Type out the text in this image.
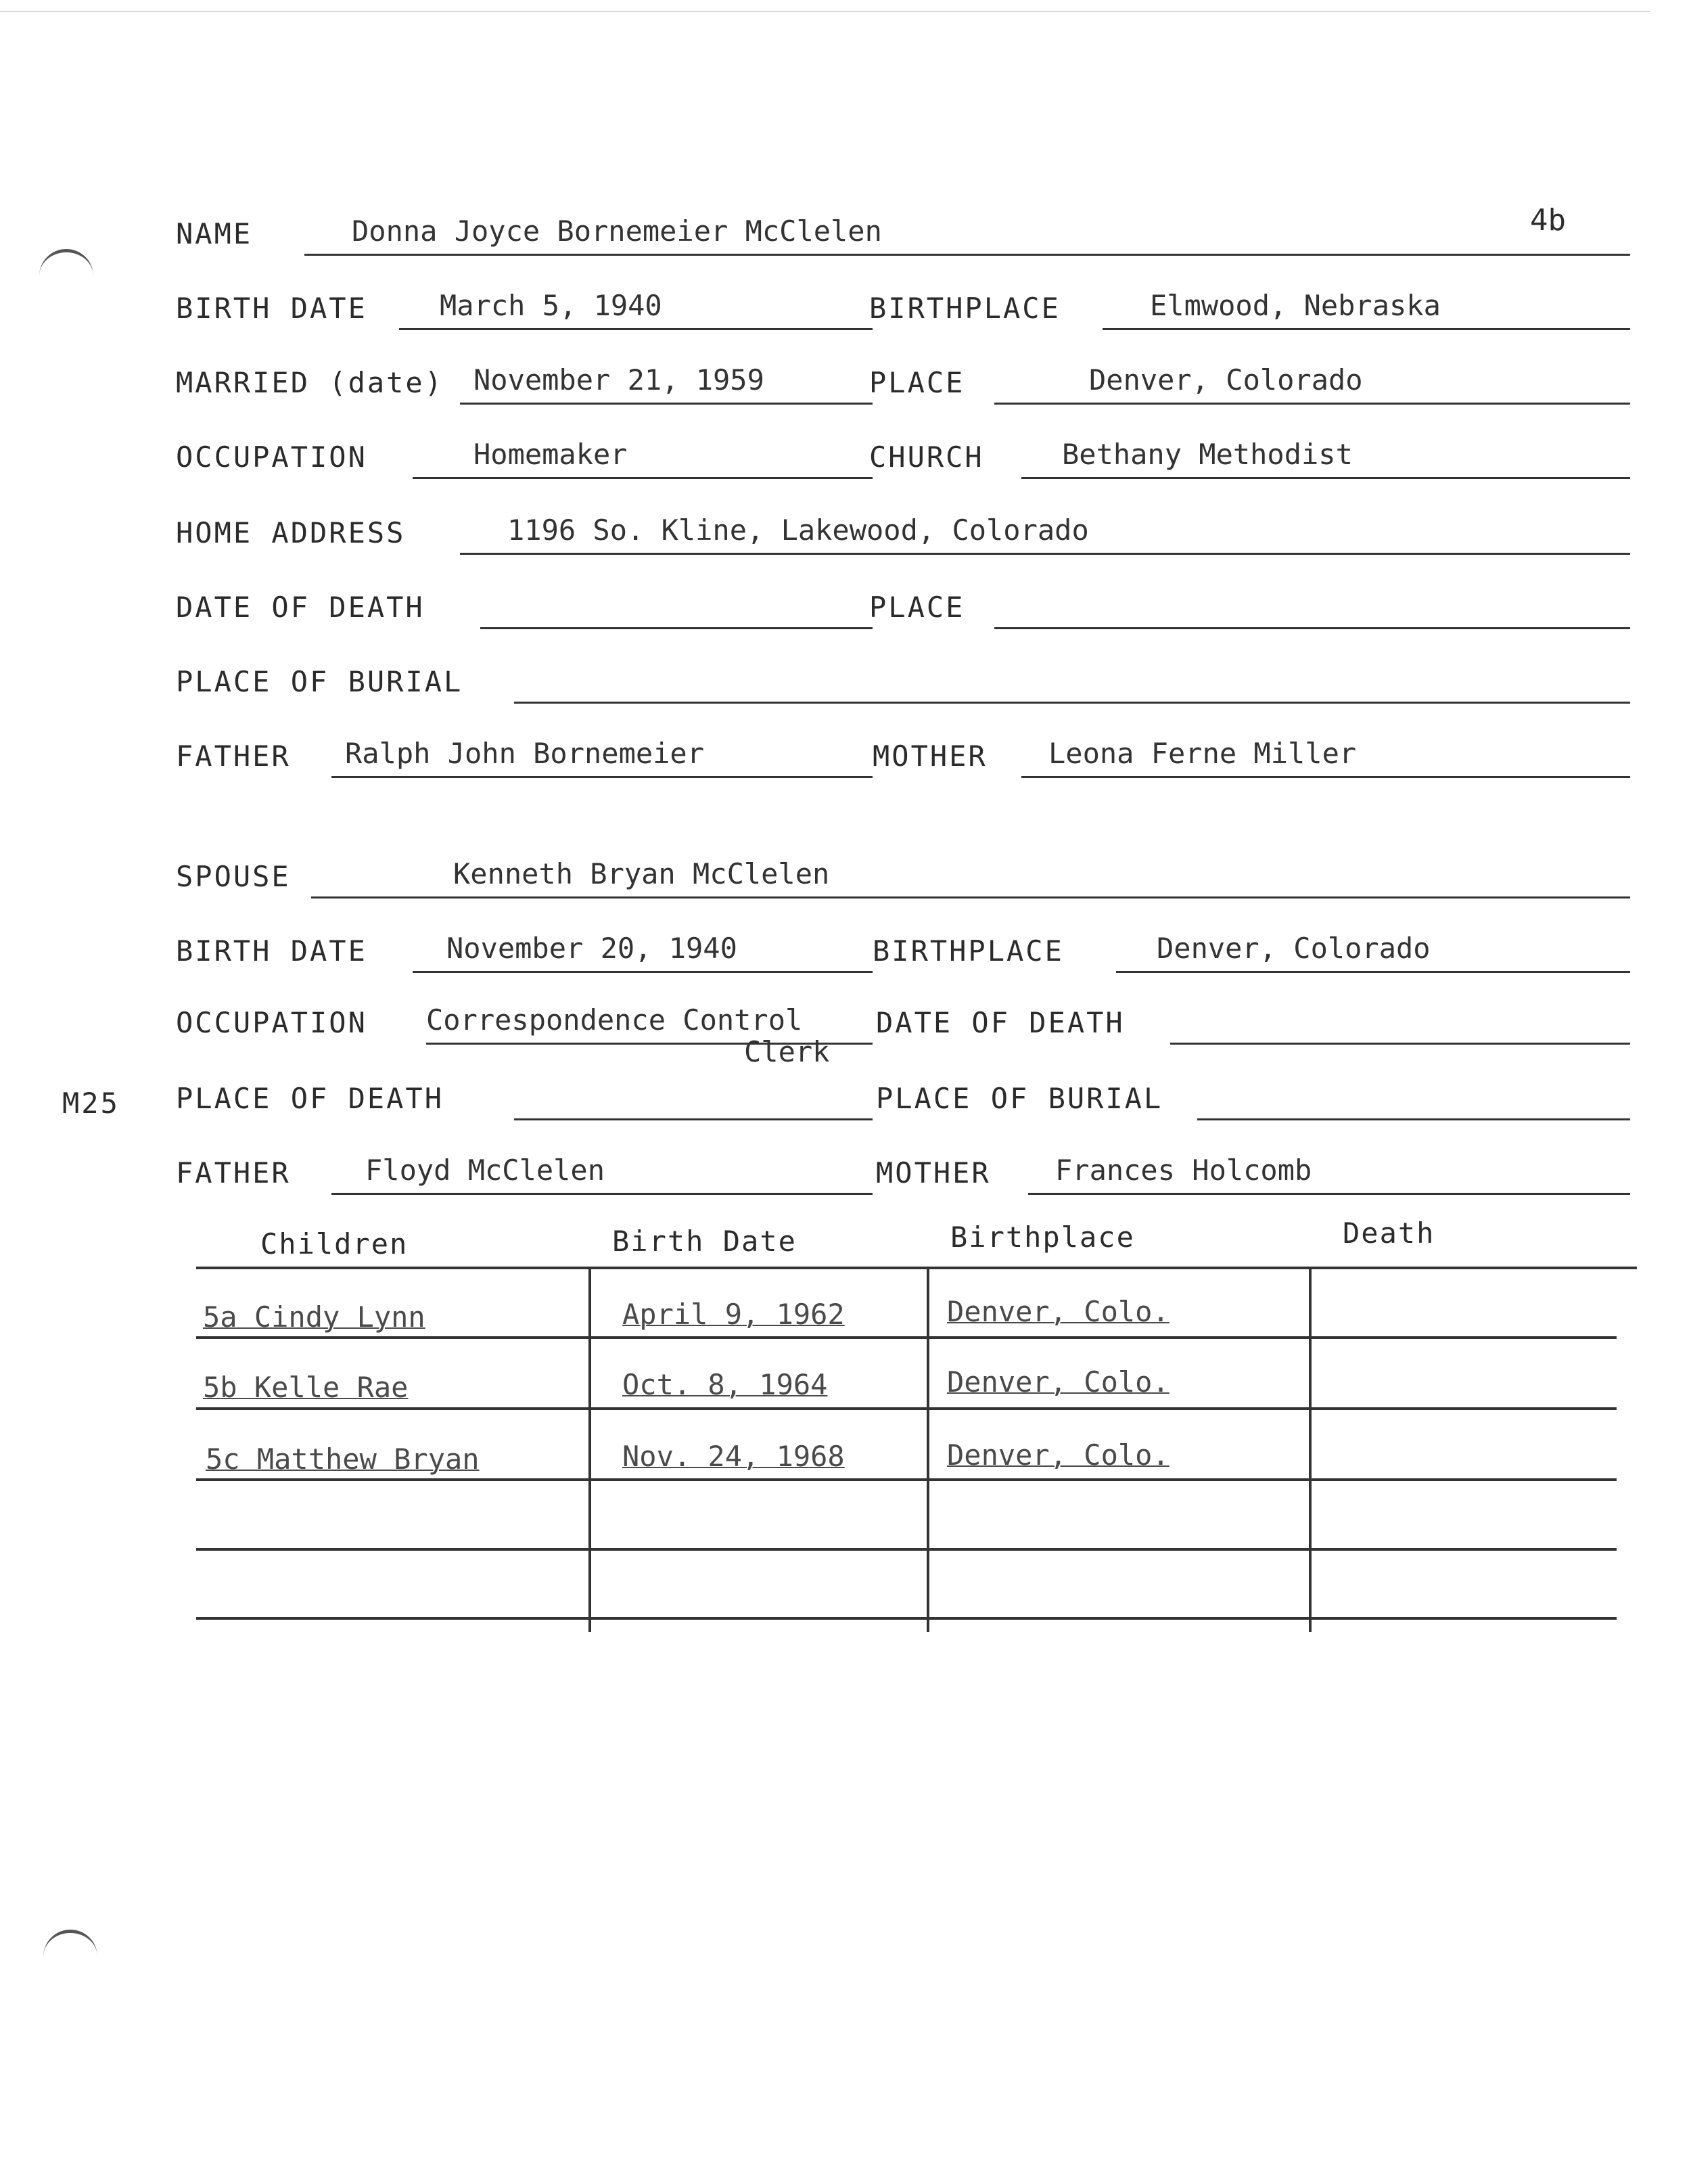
4b
M25
NAME	Donna Joyce Bornemeier McClelen
BIRTH DATE	March 5, 1940	BIRTHPLACE	Elmwood, Nebraska
MARRIED (date) November 21, 1959	PLACE	Denver, Colorado
OCCUPATION	Homemaker	CHURCH	Bethany Methodist
HOME ADDRESS	1196 So. Kline, Lakewood, Colorado
DATE OF DEATH	PLACE
PLACE OF BURIAL
FATHER Ralph John Bornemeier	MOTHER Leona Ferne Miller
SPOUSE	Kenneth Bryan McClelen
BIRTH DATE	November 20, 1940	BIRTHPLACE	Denver, Colorado
OCCUPATION Correspondence Control	DATE OF DEATH
Clerk
PLACE OF DEATH	PLACE OF BURIAL
FATHER	Floyd McClelen	MOTHER Frances Holcomb
Children	Birth Date	Birthplace	Death
5a Cindy Lynn	April 9, 1962	Denver, Colo.
5b Kelle Rae	Oct. 8, 1964	Denver, Colo.
5c Matthew Bryan	Nov. 24, 1968	Denver, Colo.
